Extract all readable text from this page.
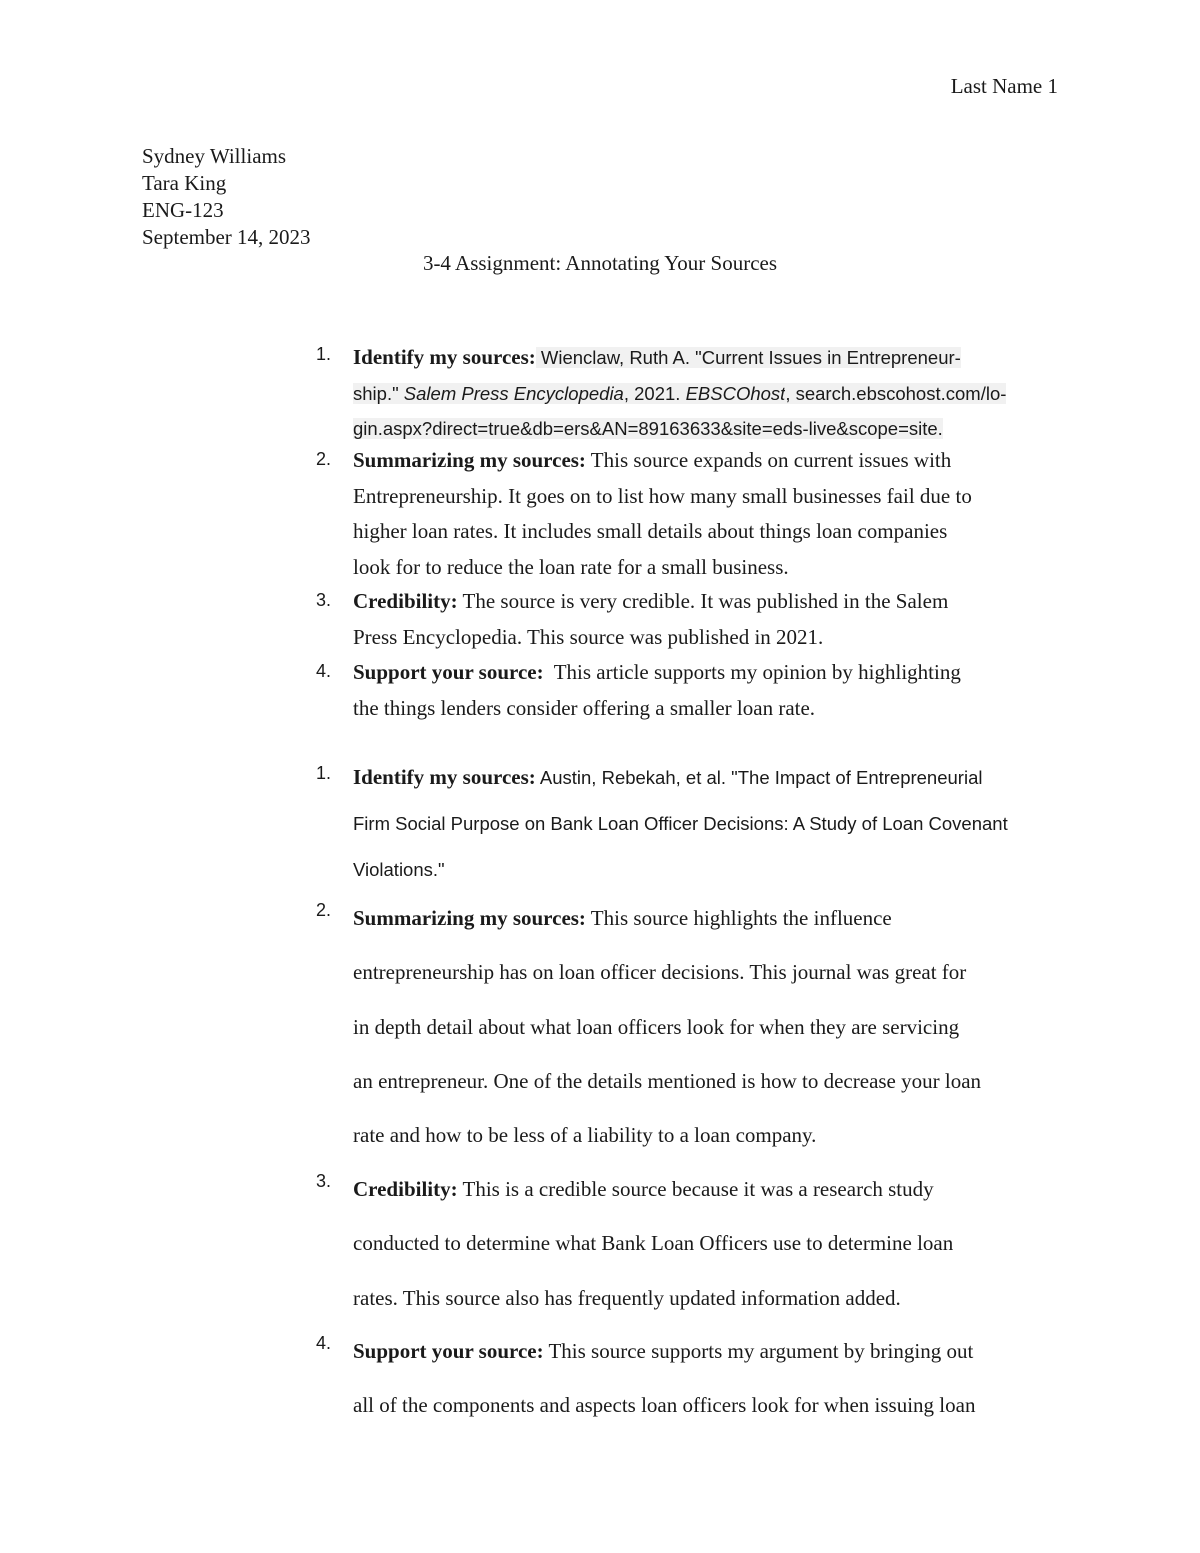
Last Name 1
Sydney Williams
Tara King
ENG-123
September 14, 2023
3-4 Assignment: Annotating Your Sources
1. Identify my sources: Wienclaw, Ruth A. "Current Issues in Entrepreneur-
ship." Salem Press Encyclopedia, 2021. EBSCOhost, search.ebscohost.com/lo-
gin.aspx?direct=true&db=ers&AN=89163633&site=eds-live&scope=site.
2. Summarizing my sources: This source expands on current issues with
Entrepreneurship. It goes on to list how many small businesses fail due to
higher loan rates. It includes small details about things loan companies
look for to reduce the loan rate for a small business.
3. Credibility: The source is very credible. It was published in the Salem
Press Encyclopedia. This source was published in 2021.
4. Support your source:  This article supports my opinion by highlighting
the things lenders consider offering a smaller loan rate.
1. Identify my sources: Austin, Rebekah, et al. "The Impact of Entrepreneurial
Firm Social Purpose on Bank Loan Officer Decisions: A Study of Loan Covenant
Violations."
2. Summarizing my sources: This source highlights the influence
entrepreneurship has on loan officer decisions. This journal was great for
in depth detail about what loan officers look for when they are servicing
an entrepreneur. One of the details mentioned is how to decrease your loan
rate and how to be less of a liability to a loan company.
3. Credibility: This is a credible source because it was a research study
conducted to determine what Bank Loan Officers use to determine loan
rates. This source also has frequently updated information added.
4. Support your source: This source supports my argument by bringing out
all of the components and aspects loan officers look for when issuing loan
